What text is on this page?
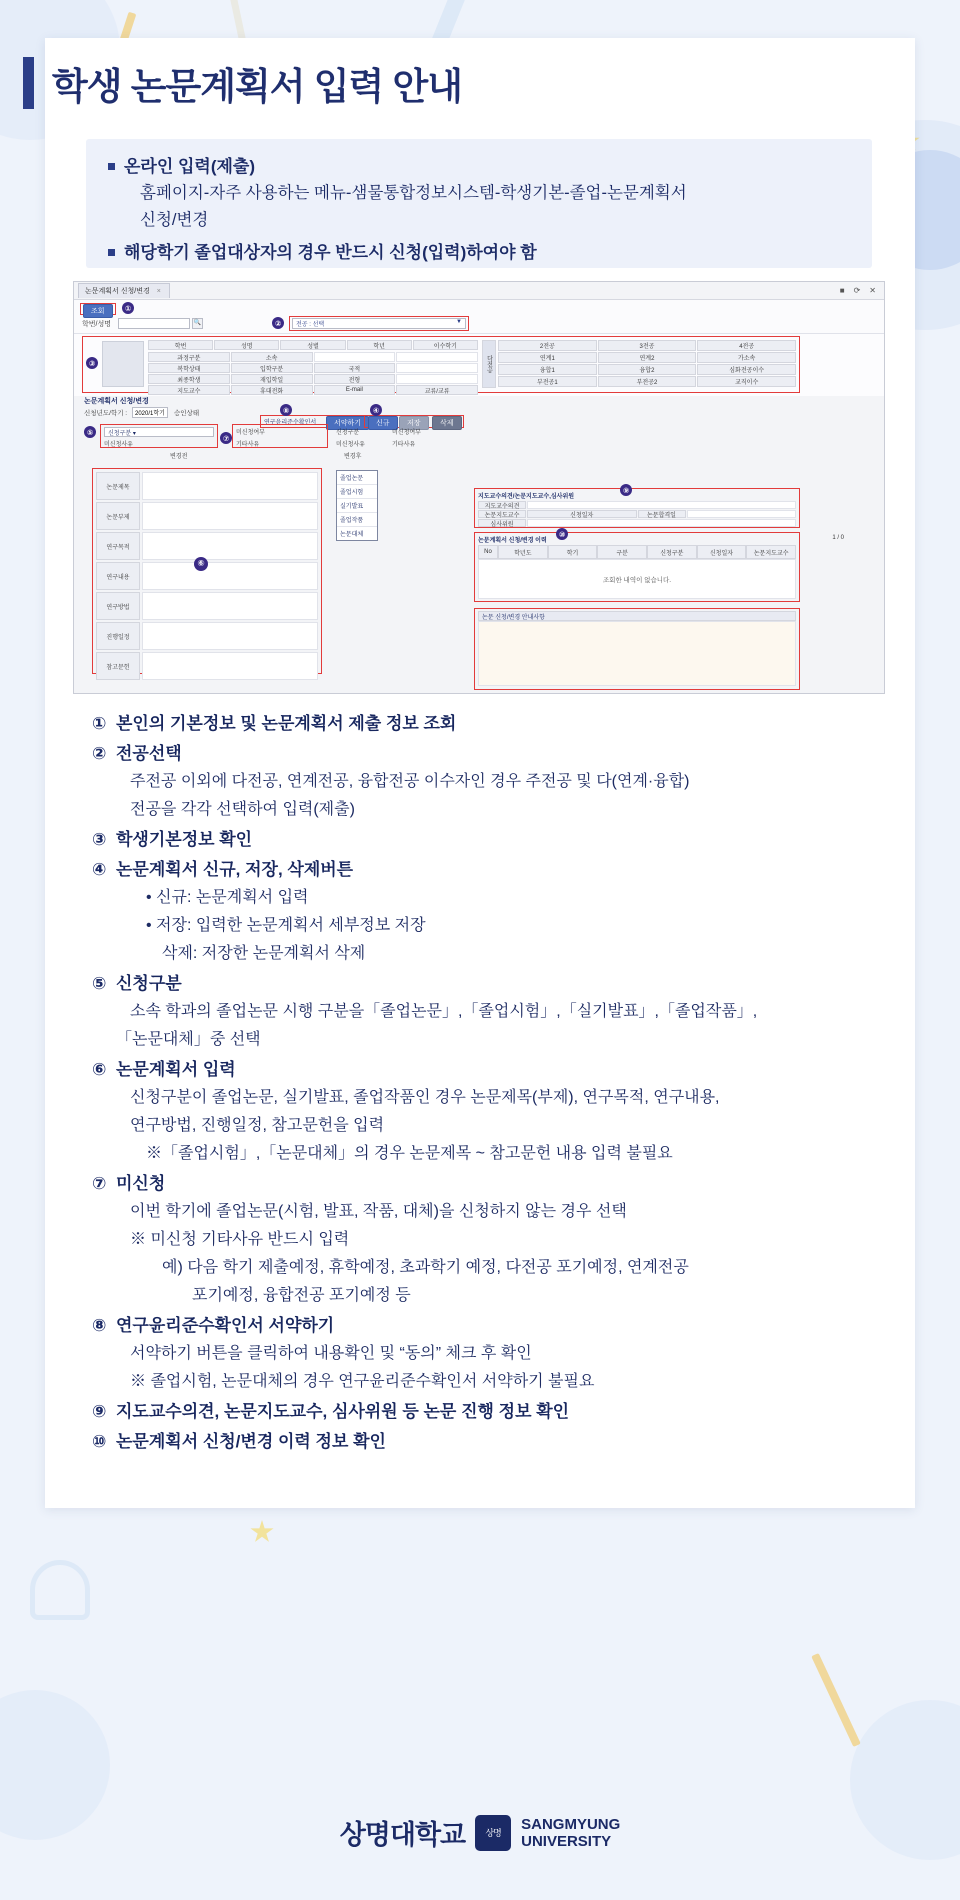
학생 논문계획서 입력 안내
온라인 입력(제출)
홈페이지-자주 사용하는 메뉴-샘물통합정보시스템-학생기본-졸업-논문계획서
신청/변경
해당학기 졸업대상자의 경우 반드시 신청(입력)하여야 함
논문계획서 신청/변경 ×	■ ⟳ ✕
조회	①
학번/성명	🔍	②	전공 : 선택	▼
③
학번	성명	성별	학년	이수학기
과정구분	소속
복학상태	입학구분	국적
최종학생	재입학일	전형
지도교수	휴대전화	E-mail	교류/교류
다전공
2전공	3전공	4전공
연계1	연계2	가소속
융합1	융합2	심화전공이수
부전공1	부전공2	교직이수
논문계획서 신청/변경
신청년도/학기 :	2020/1학기	승인상태	⑧
연구윤리준수확인서	서약하기
④
신규	저장	삭제
⑤	신청구분 ▾
미신청사유
⑦
미신청여부
기타사유
신청구분
미신청사유
미신청여부
기타사유
변경전	변경후
⑥
논문제목
논문부제
연구목적
연구내용
연구방법
진행일정
참고문헌
졸업논문
졸업시험
실기발표
졸업작품
논문대체
⑨
지도교수의견/논문지도교수,심사위원
지도교수의견
논문지도교수	신청일자	논문합격일
심사위원
⑩
논문계획서 신청/변경 이력	1 / 0
No	학년도	학기	구분	신청구분	신청일자	논문지도교수
조회한 내역이 없습니다.
논문 신청/변경 안내사항
① 본인의 기본정보 및 논문계획서 제출 정보 조회
② 전공선택
주전공 이외에 다전공, 연계전공, 융합전공 이수자인 경우 주전공 및 다(연계·융합)
전공을 각각 선택하여 입력(제출)
③ 학생기본정보 확인
④ 논문계획서 신규, 저장, 삭제버튼
• 신규: 논문계획서 입력
• 저장: 입력한 논문계획서 세부정보 저장
삭제: 저장한 논문계획서 삭제
⑤ 신청구분
소속 학과의 졸업논문 시행 구분을「졸업논문」,「졸업시험」,「실기발표」,「졸업작품」,
「논문대체」중 선택
⑥ 논문계획서 입력
신청구분이 졸업논문, 실기발표, 졸업작품인 경우 논문제목(부제), 연구목적, 연구내용,
연구방법, 진행일정, 참고문헌을 입력
※「졸업시험」,「논문대체」의 경우 논문제목 ~ 참고문헌 내용 입력 불필요
⑦ 미신청
이번 학기에 졸업논문(시험, 발표, 작품, 대체)을 신청하지 않는 경우 선택
※ 미신청 기타사유 반드시 입력
예) 다음 학기 제출예정, 휴학예정, 초과학기 예정, 다전공 포기예정, 연계전공
포기예정, 융합전공 포기예정 등
⑧ 연구윤리준수확인서 서약하기
서약하기 버튼을 클릭하여 내용확인 및 “동의” 체크 후 확인
※ 졸업시험, 논문대체의 경우 연구윤리준수확인서 서약하기 불필요
⑨ 지도교수의견, 논문지도교수, 심사위원 등 논문 진행 정보 확인
⑩ 논문계획서 신청/변경 이력 정보 확인
상명대학교	상명
SANGMYUNG
UNIVERSITY
